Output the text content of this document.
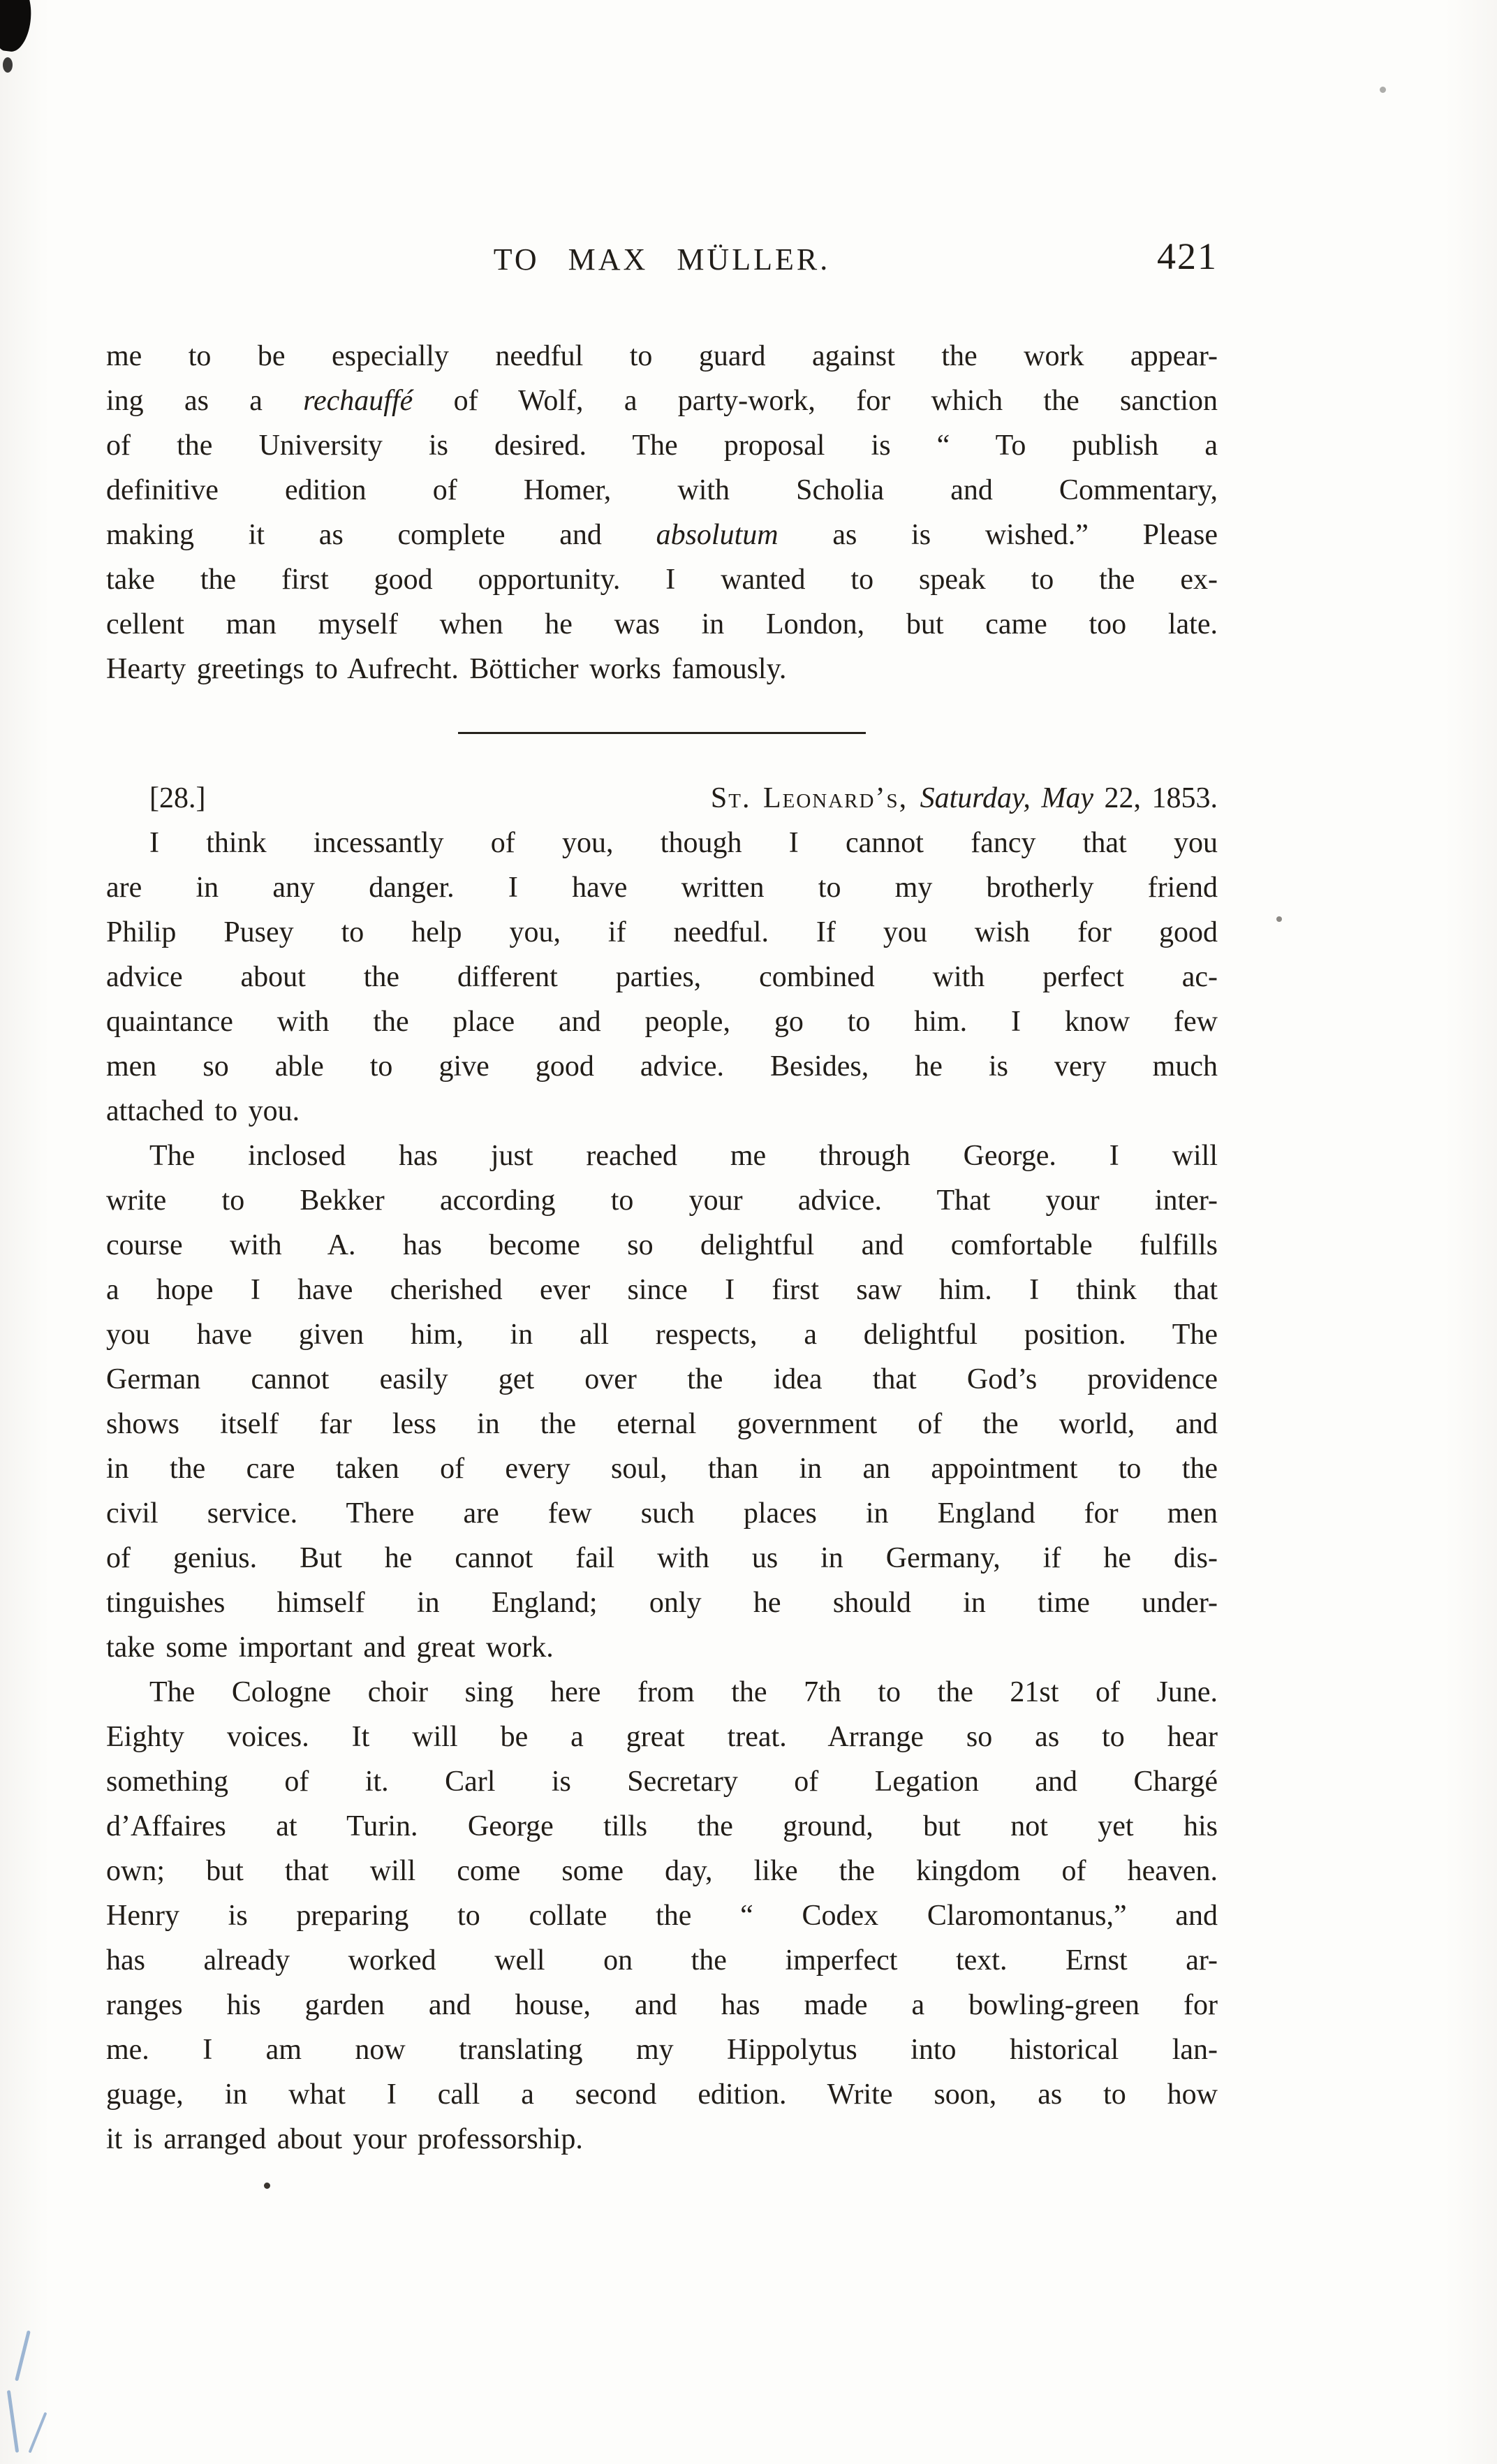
TO MAX MÜLLER.	421
me to be especially needful to guard against the work appear-
ing as a rechauffé of Wolf, a party-work, for which the sanction
of the University is desired. The proposal is “ To publish a
definitive edition of Homer, with Scholia and Commentary,
making it as complete and absolutum as is wished.” Please
take the first good opportunity. I wanted to speak to the ex-
cellent man myself when he was in London, but came too late.
Hearty greetings to Aufrecht. Bötticher works famously.
[28.]	St. Leonard’s, Saturday, May 22, 1853.
I think incessantly of you, though I cannot fancy that you
are in any danger. I have written to my brotherly friend
Philip Pusey to help you, if needful. If you wish for good
advice about the different parties, combined with perfect ac-
quaintance with the place and people, go to him. I know few
men so able to give good advice. Besides, he is very much
attached to you.
The inclosed has just reached me through George. I will
write to Bekker according to your advice. That your inter-
course with A. has become so delightful and comfortable fulfills
a hope I have cherished ever since I first saw him. I think that
you have given him, in all respects, a delightful position. The
German cannot easily get over the idea that God’s providence
shows itself far less in the eternal government of the world, and
in the care taken of every soul, than in an appointment to the
civil service. There are few such places in England for men
of genius. But he cannot fail with us in Germany, if he dis-
tinguishes himself in England; only he should in time under-
take some important and great work.
The Cologne choir sing here from the 7th to the 21st of June.
Eighty voices. It will be a great treat. Arrange so as to hear
something of it. Carl is Secretary of Legation and Chargé
d’Affaires at Turin. George tills the ground, but not yet his
own; but that will come some day, like the kingdom of heaven.
Henry is preparing to collate the “ Codex Claromontanus,” and
has already worked well on the imperfect text. Ernst ar-
ranges his garden and house, and has made a bowling-green for
me. I am now translating my Hippolytus into historical lan-
guage, in what I call a second edition. Write soon, as to how
it is arranged about your professorship.
